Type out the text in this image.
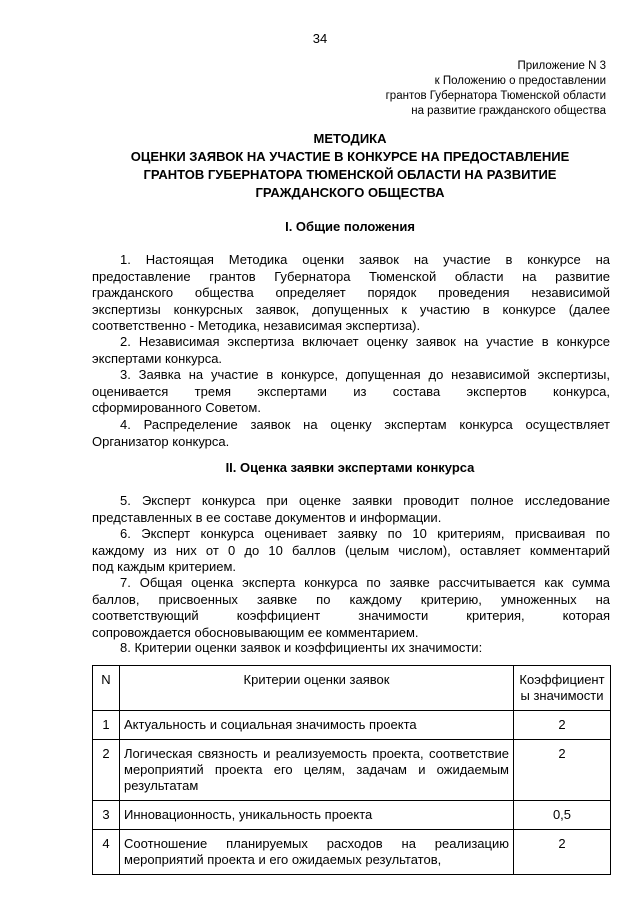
34
Приложение N 3
к Положению о предоставлении
грантов Губернатора Тюменской области
на развитие гражданского общества
МЕТОДИКА
ОЦЕНКИ ЗАЯВОК НА УЧАСТИЕ В КОНКУРСЕ НА ПРЕДОСТАВЛЕНИЕ
ГРАНТОВ ГУБЕРНАТОРА ТЮМЕНСКОЙ ОБЛАСТИ НА РАЗВИТИЕ
ГРАЖДАНСКОГО ОБЩЕСТВА
I. Общие положения
1. Настоящая Методика оценки заявок на участие в конкурсе на
предоставление грантов Губернатора Тюменской области на развитие
гражданского общества определяет порядок проведения независимой
экспертизы конкурсных заявок, допущенных к участию в конкурсе (далее
соответственно - Методика, независимая экспертиза).
2. Независимая экспертиза включает оценку заявок на участие в конкурсе
экспертами конкурса.
3. Заявка на участие в конкурсе, допущенная до независимой экспертизы,
оценивается тремя экспертами из состава экспертов конкурса,
сформированного Советом.
4. Распределение заявок на оценку экспертам конкурса осуществляет
Организатор конкурса.
II. Оценка заявки экспертами конкурса
5. Эксперт конкурса при оценке заявки проводит полное исследование
представленных в ее составе документов и информации.
6. Эксперт конкурса оценивает заявку по 10 критериям, присваивая по
каждому из них от 0 до 10 баллов (целым числом), оставляет комментарий
под каждым критерием.
7. Общая оценка эксперта конкурса по заявке рассчитывается как сумма
баллов, присвоенных заявке по каждому критерию, умноженных на
соответствующий коэффициент значимости критерия, которая
сопровождается обосновывающим ее комментарием.
8. Критерии оценки заявок и коэффициенты их значимости:
N	Критерии оценки заявок	Коэффициент​ы значимости
1	Актуальность и социальная значимость проекта	2
2	Логическая связность и реализуемость проекта, соответствие мероприятий проекта его целям, задачам и ожидаемым результатам	2
3	Инновационность, уникальность проекта	0,5
4	Соотношение планируемых расходов на реализацию мероприятий проекта и его ожидаемых результатов,	2
